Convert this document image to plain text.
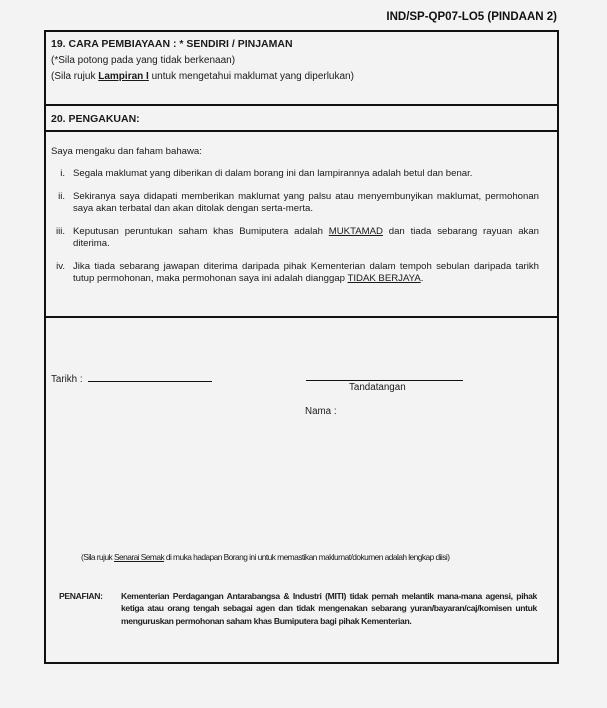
IND/SP-QP07-LO5 (PINDAAN 2)
19. CARA PEMBIAYAAN : * SENDIRI / PINJAMAN
(*Sila potong pada yang tidak berkenaan)
(Sila rujuk Lampiran I untuk mengetahui maklumat yang diperlukan)
20. PENGAKUAN:
Saya mengaku dan faham bahawa:
i. Segala maklumat yang diberikan di dalam borang ini dan lampirannya adalah betul dan benar.
ii. Sekiranya saya didapati memberikan maklumat yang palsu atau menyembunyikan maklumat, permohonan saya akan terbatal dan akan ditolak dengan serta-merta.
iii. Keputusan peruntukan saham khas Bumiputera adalah MUKTAMAD dan tiada sebarang rayuan akan diterima.
iv. Jika tiada sebarang jawapan diterima daripada pihak Kementerian dalam tempoh sebulan daripada tarikh tutup permohonan, maka permohonan saya ini adalah dianggap TIDAK BERJAYA.
Tarikh :
Tandatangan
Nama :
(Sila rujuk Senarai Semak di muka hadapan Borang ini untuk memastikan maklumat/dokumen adalah lengkap diisi)
PENAFIAN:	Kementerian Perdagangan Antarabangsa & Industri (MITI) tidak pernah melantik mana-mana agensi, pihak ketiga atau orang tengah sebagai agen dan tidak mengenakan sebarang yuran/bayaran/caj/komisen untuk menguruskan permohonan saham khas Bumiputera bagi pihak Kementerian.
